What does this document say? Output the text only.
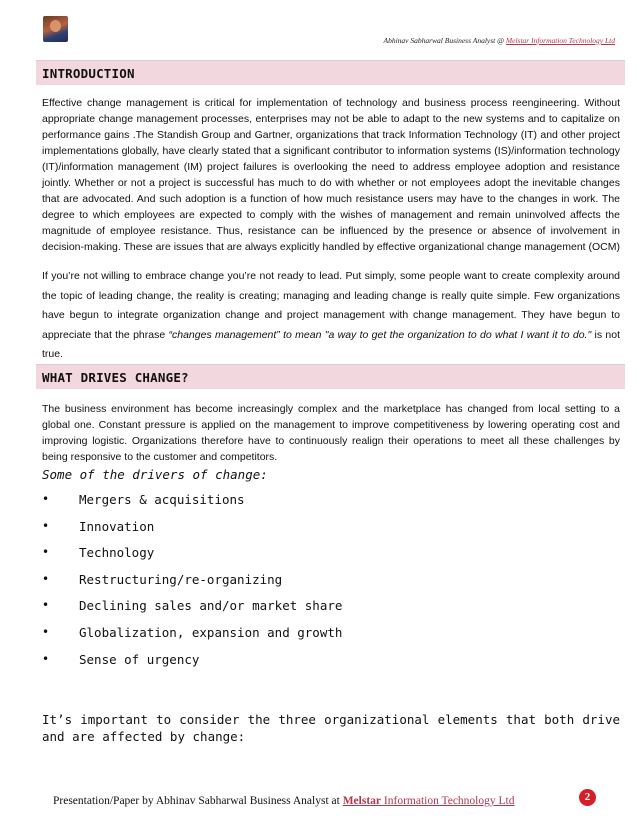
Abhinav Sabharwal Business Analyst @ Melstar Information Technology Ltd
INTRODUCTION

Effective change management is critical for implementation of technology and business process reengineering. Without appropriate change management processes, enterprises may not be able to adapt to the new systems and to capitalize on performance gains .The Standish Group and Gartner, organizations that track Information Technology (IT) and other project implementations globally, have clearly stated that a significant contributor to information systems (IS)/information technology (IT)/information management (IM) project failures is overlooking the need to address employee adoption and resistance jointly. Whether or not a project is successful has much to do with whether or not employees adopt the inevitable changes that are advocated. And such adoption is a function of how much resistance users may have to the changes in work. The degree to which employees are expected to comply with the wishes of management and remain uninvolved affects the magnitude of employee resistance. Thus, resistance can be influenced by the presence or absence of involvement in decision-making. These are issues that are always explicitly handled by effective organizational change management (OCM)

If you’re not willing to embrace change you’re not ready to lead. Put simply, some people want to create complexity around the topic of leading change, the reality is creating; managing and leading change is really quite simple. Few organizations have begun to integrate organization change and project management with change management. They have begun to appreciate that the phrase “changes management” to mean "a way to get the organization to do what I want it to do." is not true.

WHAT DRIVES CHANGE?

The business environment has become increasingly complex and the marketplace has changed from local setting to a global one. Constant pressure is applied on the management to improve competitiveness by lowering operating cost and improving logistic. Organizations therefore have to continuously realign their operations to meet all these challenges by being responsive to the customer and competitors.

Some of the drivers of change:
• Mergers & acquisitions
• Innovation
• Technology
• Restructuring/re-organizing
• Declining sales and/or market share
• Globalization, expansion and growth
• Sense of urgency

It’s important to consider the three organizational elements that both drive and are affected by change:

Presentation/Paper by Abhinav Sabharwal Business Analyst at Melstar Information Technology Ltd	2
